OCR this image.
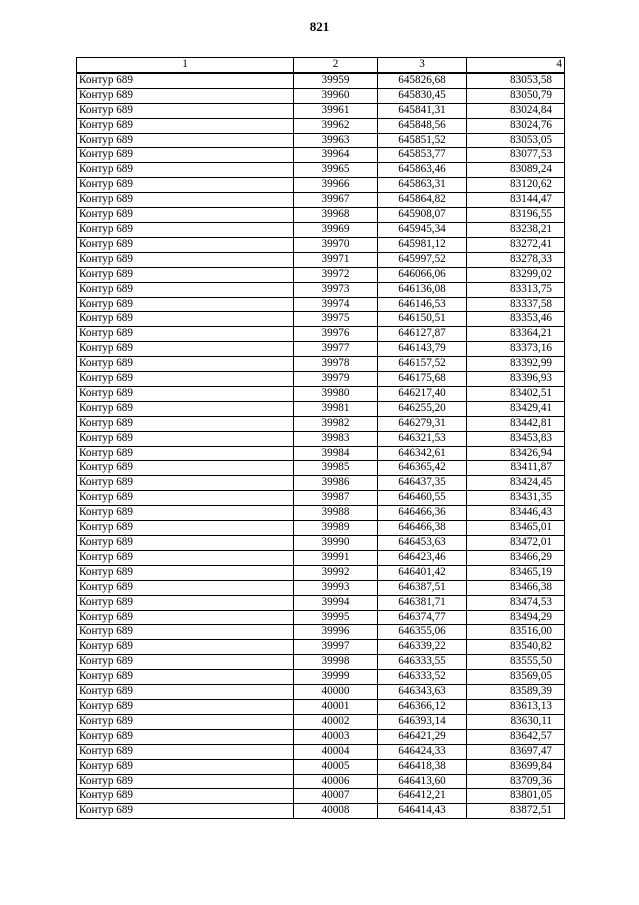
821
1	2	3	4
Контур 689	39959	645826,68	83053,58
Контур 689	39960	645830,45	83050,79
Контур 689	39961	645841,31	83024,84
Контур 689	39962	645848,56	83024,76
Контур 689	39963	645851,52	83053,05
Контур 689	39964	645853,77	83077,53
Контур 689	39965	645863,46	83089,24
Контур 689	39966	645863,31	83120,62
Контур 689	39967	645864,82	83144,47
Контур 689	39968	645908,07	83196,55
Контур 689	39969	645945,34	83238,21
Контур 689	39970	645981,12	83272,41
Контур 689	39971	645997,52	83278,33
Контур 689	39972	646066,06	83299,02
Контур 689	39973	646136,08	83313,75
Контур 689	39974	646146,53	83337,58
Контур 689	39975	646150,51	83353,46
Контур 689	39976	646127,87	83364,21
Контур 689	39977	646143,79	83373,16
Контур 689	39978	646157,52	83392,99
Контур 689	39979	646175,68	83396,93
Контур 689	39980	646217,40	83402,51
Контур 689	39981	646255,20	83429,41
Контур 689	39982	646279,31	83442,81
Контур 689	39983	646321,53	83453,83
Контур 689	39984	646342,61	83426,94
Контур 689	39985	646365,42	83411,87
Контур 689	39986	646437,35	83424,45
Контур 689	39987	646460,55	83431,35
Контур 689	39988	646466,36	83446,43
Контур 689	39989	646466,38	83465,01
Контур 689	39990	646453,63	83472,01
Контур 689	39991	646423,46	83466,29
Контур 689	39992	646401,42	83465,19
Контур 689	39993	646387,51	83466,38
Контур 689	39994	646381,71	83474,53
Контур 689	39995	646374,77	83494,29
Контур 689	39996	646355,06	83516,00
Контур 689	39997	646339,22	83540,82
Контур 689	39998	646333,55	83555,50
Контур 689	39999	646333,52	83569,05
Контур 689	40000	646343,63	83589,39
Контур 689	40001	646366,12	83613,13
Контур 689	40002	646393,14	83630,11
Контур 689	40003	646421,29	83642,57
Контур 689	40004	646424,33	83697,47
Контур 689	40005	646418,38	83699,84
Контур 689	40006	646413,60	83709,36
Контур 689	40007	646412,21	83801,05
Контур 689	40008	646414,43	83872,51
